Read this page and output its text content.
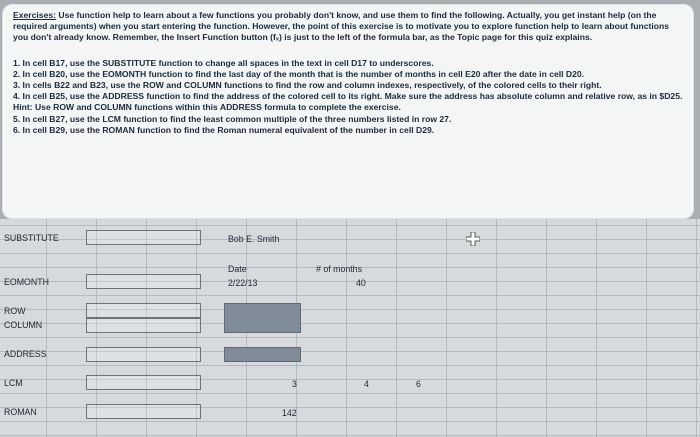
Exercises: Use function help to learn about a few functions you probably don't know, and use them to find the following. Actually, you get instant help (on the required arguments) when you start entering the function. However, the point of this exercise is to motivate you to explore function help to learn about functions you don't already know. Remember, the Insert Function button (fₓ) is just to the left of the formula bar, as the Topic page for this quiz explains.

1. In cell B17, use the SUBSTITUTE function to change all spaces in the text in cell D17 to underscores.
2. In cell B20, use the EOMONTH function to find the last day of the month that is the number of months in cell E20 after the date in cell D20.
3. In cells B22 and B23, use the ROW and COLUMN functions to find the row and column indexes, respectively, of the colored cells to their right.
4. In cell B25, use the ADDRESS function to find the address of the colored cell to its right. Make sure the address has absolute column and relative row, as in $D25. Hint: Use ROW and COLUMN functions within this ADDRESS formula to complete the exercise.
5. In cell B27, use the LCM function to find the least common multiple of the three numbers listed in row 27.
6. In cell B29, use the ROMAN function to find the Roman numeral equivalent of the number in cell D29.
SUBSTITUTE	Bob E. Smith
Date	# of months
EOMONTH	2/22/13	40
ROW
COLUMN
ADDRESS
LCM	3	4	6
ROMAN	142
